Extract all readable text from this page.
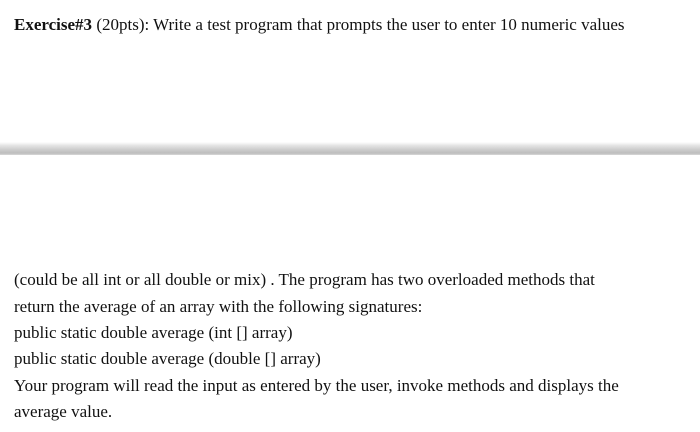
Exercise#3 (20pts): Write a test program that prompts the user to enter 10 numeric values
(could be all int or all double or mix) . The program has two overloaded methods that
return the average of an array with the following signatures:
public static double average (int [] array)
public static double average (double [] array)
Your program will read the input as entered by the user, invoke methods and displays the
average value.
